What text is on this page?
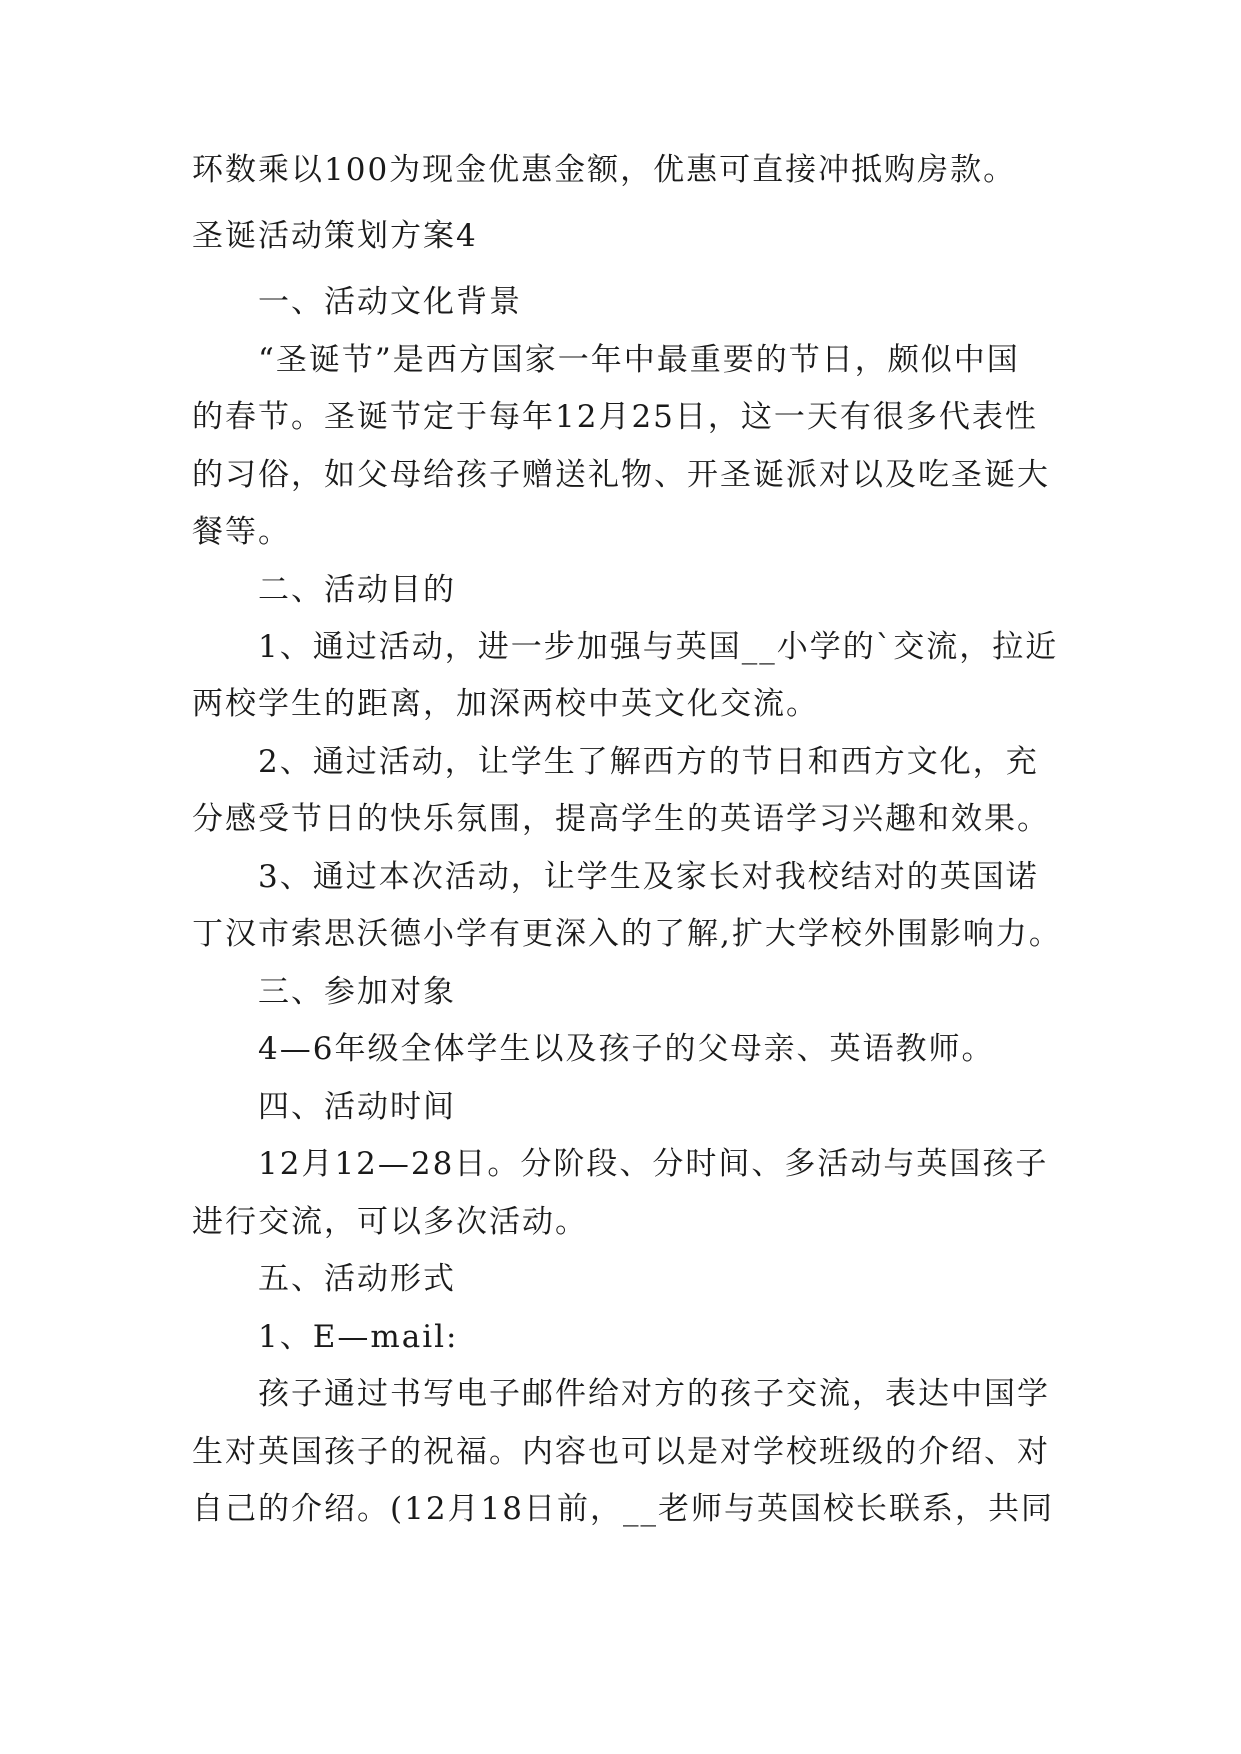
环数乘以100为现金优惠金额，优惠可直接冲抵购房款。
圣诞活动策划方案4
一、活动文化背景
“圣诞节”是西方国家一年中最重要的节日，颇似中国
的春节。圣诞节定于每年12月25日，这一天有很多代表性
的习俗，如父母给孩子赠送礼物、开圣诞派对以及吃圣诞大
餐等。
二、活动目的
1、通过活动，进一步加强与英国__小学的`交流，拉近
两校学生的距离，加深两校中英文化交流。
2、通过活动，让学生了解西方的节日和西方文化，充
分感受节日的快乐氛围，提高学生的英语学习兴趣和效果。
3、通过本次活动，让学生及家长对我校结对的英国诺
丁汉市索思沃德小学有更深入的了解,扩大学校外围影响力。
三、参加对象
4—6年级全体学生以及孩子的父母亲、英语教师。
四、活动时间
12月12—28日。分阶段、分时间、多活动与英国孩子
进行交流，可以多次活动。
五、活动形式
1、E—mail:
孩子通过书写电子邮件给对方的孩子交流，表达中国学
生对英国孩子的祝福。内容也可以是对学校班级的介绍、对
自己的介绍。(12月18日前，__老师与英国校长联系，共同
